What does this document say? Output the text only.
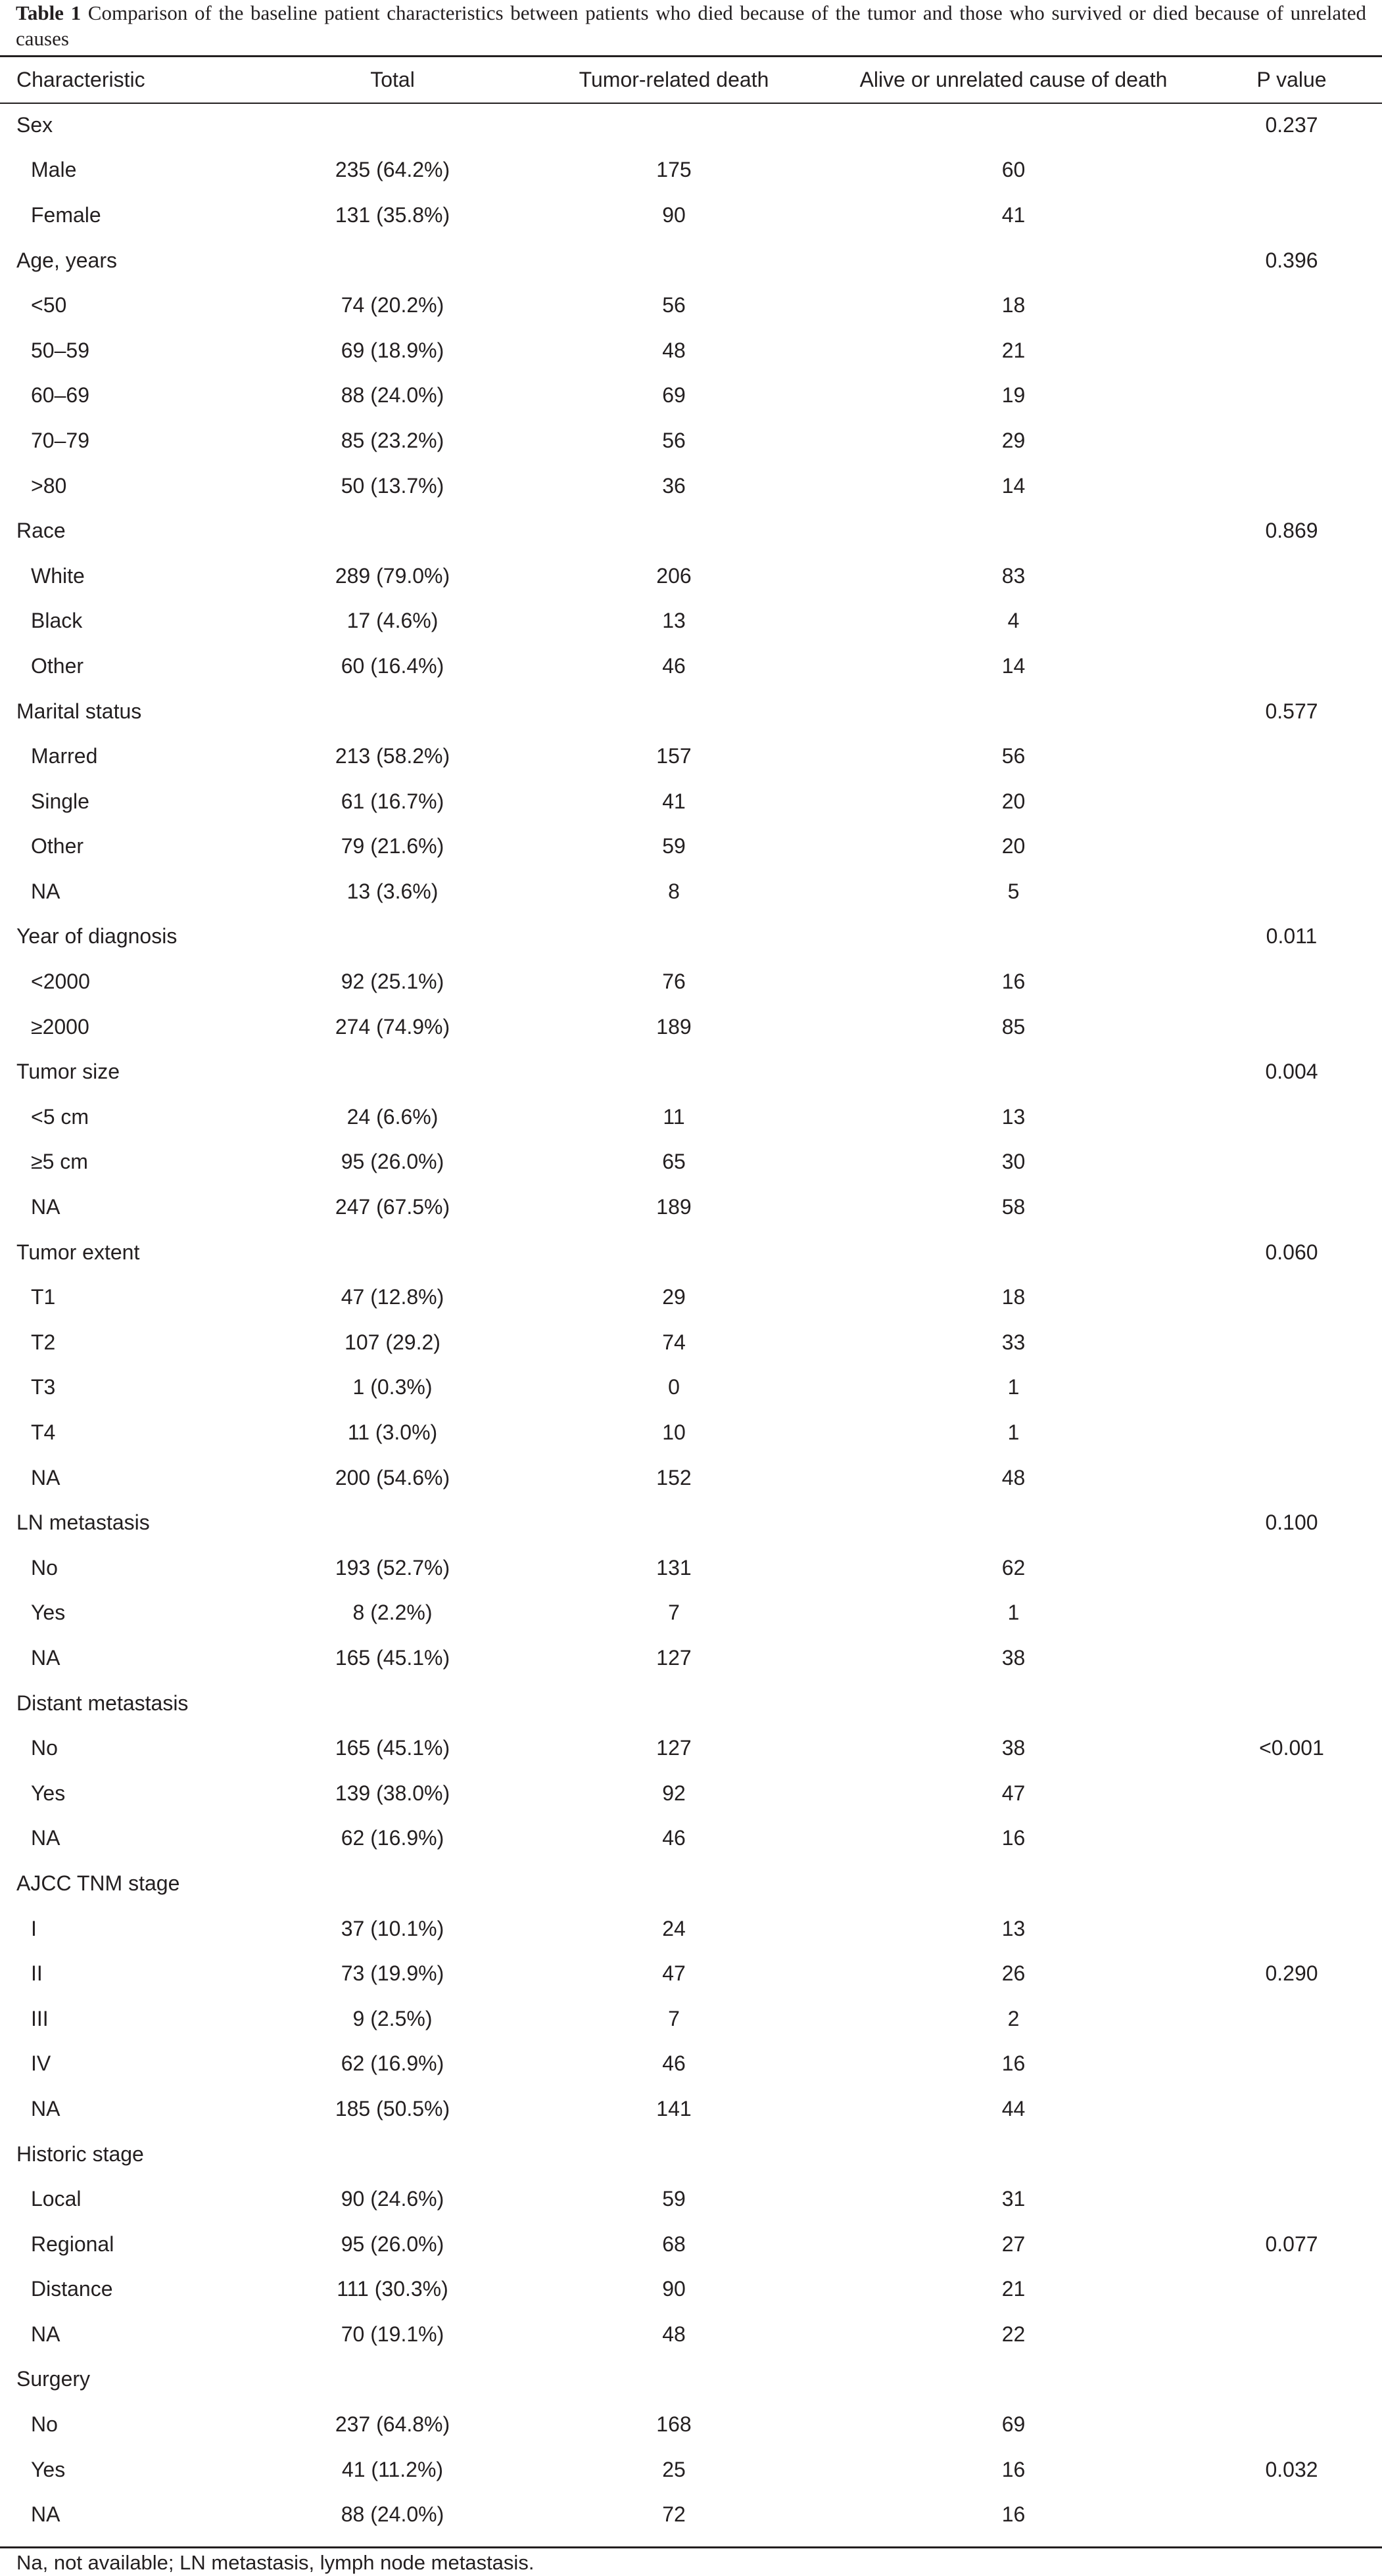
Table 1 Comparison of the baseline patient characteristics between patients who died because of the tumor and those who survived or died because of unrelated causes
Characteristic	Total	Tumor-related death	Alive or unrelated cause of death	P value
Sex				0.237
Male	235 (64.2%)	175	60	
Female	131 (35.8%)	90	41	
Age, years				0.396
<50	74 (20.2%)	56	18	
50–59	69 (18.9%)	48	21	
60–69	88 (24.0%)	69	19	
70–79	85 (23.2%)	56	29	
>80	50 (13.7%)	36	14	
Race				0.869
White	289 (79.0%)	206	83	
Black	17 (4.6%)	13	4	
Other	60 (16.4%)	46	14	
Marital status				0.577
Marred	213 (58.2%)	157	56	
Single	61 (16.7%)	41	20	
Other	79 (21.6%)	59	20	
NA	13 (3.6%)	8	5	
Year of diagnosis				0.011
<2000	92 (25.1%)	76	16	
≥2000	274 (74.9%)	189	85	
Tumor size				0.004
<5 cm	24 (6.6%)	11	13	
≥5 cm	95 (26.0%)	65	30	
NA	247 (67.5%)	189	58	
Tumor extent				0.060
T1	47 (12.8%)	29	18	
T2	107 (29.2)	74	33	
T3	1 (0.3%)	0	1	
T4	11 (3.0%)	10	1	
NA	200 (54.6%)	152	48	
LN metastasis				0.100
No	193 (52.7%)	131	62	
Yes	8 (2.2%)	7	1	
NA	165 (45.1%)	127	38	
Distant metastasis				
No	165 (45.1%)	127	38	<0.001
Yes	139 (38.0%)	92	47	
NA	62 (16.9%)	46	16	
AJCC TNM stage				
I	37 (10.1%)	24	13	
II	73 (19.9%)	47	26	0.290
III	9 (2.5%)	7	2	
IV	62 (16.9%)	46	16	
NA	185 (50.5%)	141	44	
Historic stage				
Local	90 (24.6%)	59	31	
Regional	95 (26.0%)	68	27	0.077
Distance	111 (30.3%)	90	21	
NA	70 (19.1%)	48	22	
Surgery				
No	237 (64.8%)	168	69	
Yes	41 (11.2%)	25	16	0.032
NA	88 (24.0%)	72	16	
Na, not available; LN metastasis, lymph node metastasis.
